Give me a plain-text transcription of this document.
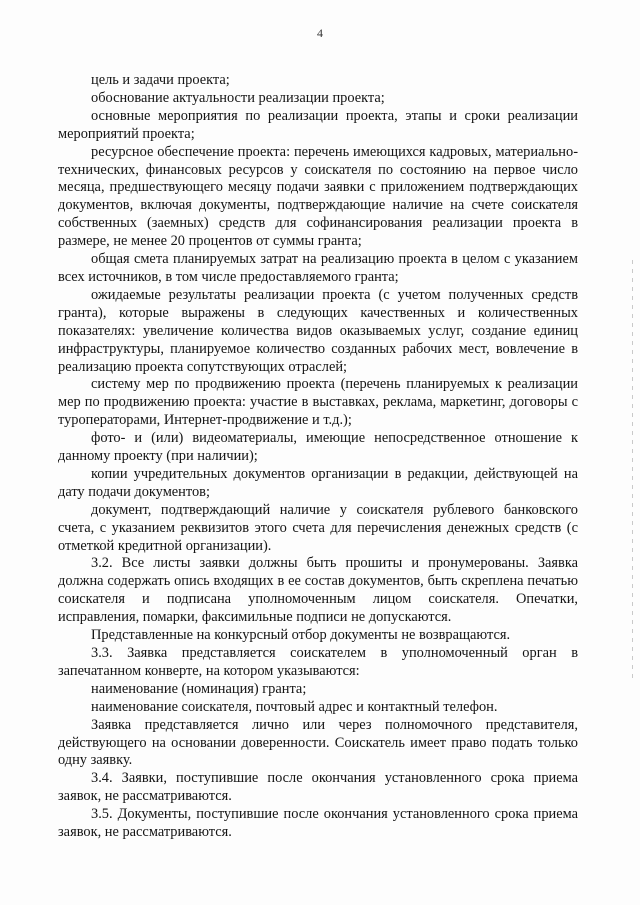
4

цель и задачи проекта;

обоснование актуальности реализации проекта;

основные мероприятия по реализации проекта, этапы и сроки реализации мероприятий проекта;

ресурсное обеспечение проекта: перечень имеющихся кадровых, материально-технических, финансовых ресурсов у соискателя по состоянию на первое число месяца, предшествующего месяцу подачи заявки с приложением подтверждающих документов, включая документы, подтверждающие наличие на счете соискателя собственных (заемных) средств для софинансирования реализации проекта в размере, не менее 20 процентов от суммы гранта;

общая смета планируемых затрат на реализацию проекта в целом с указанием всех источников, в том числе предоставляемого гранта;

ожидаемые результаты реализации проекта (с учетом полученных средств гранта), которые выражены в следующих качественных и количественных показателях: увеличение количества видов оказываемых услуг, создание единиц инфраструктуры, планируемое количество созданных рабочих мест, вовлечение в реализацию проекта сопутствующих отраслей;

систему мер по продвижению проекта (перечень планируемых к реализации мер по продвижению проекта: участие в выставках, реклама, маркетинг, договоры с туроператорами, Интернет-продвижение и т.д.);

фото- и (или) видеоматериалы, имеющие непосредственное отношение к данному проекту (при наличии);

копии учредительных документов организации в редакции, действующей на дату подачи документов;

документ, подтверждающий наличие у соискателя рублевого банковского счета, с указанием реквизитов этого счета для перечисления денежных средств (с отметкой кредитной организации).

3.2. Все листы заявки должны быть прошиты и пронумерованы. Заявка должна содержать опись входящих в ее состав документов, быть скреплена печатью соискателя и подписана уполномоченным лицом соискателя. Опечатки, исправления, помарки, факсимильные подписи не допускаются.

Представленные на конкурсный отбор документы не возвращаются.

3.3. Заявка представляется соискателем в уполномоченный орган в запечатанном конверте, на котором указываются:

наименование (номинация) гранта;

наименование соискателя, почтовый адрес и контактный телефон.

Заявка представляется лично или через полномочного представителя, действующего на основании доверенности. Соискатель имеет право подать только одну заявку.

3.4. Заявки, поступившие после окончания установленного срока приема заявок, не рассматриваются.

3.5. Документы, поступившие после окончания установленного срока приема заявок, не рассматриваются.
